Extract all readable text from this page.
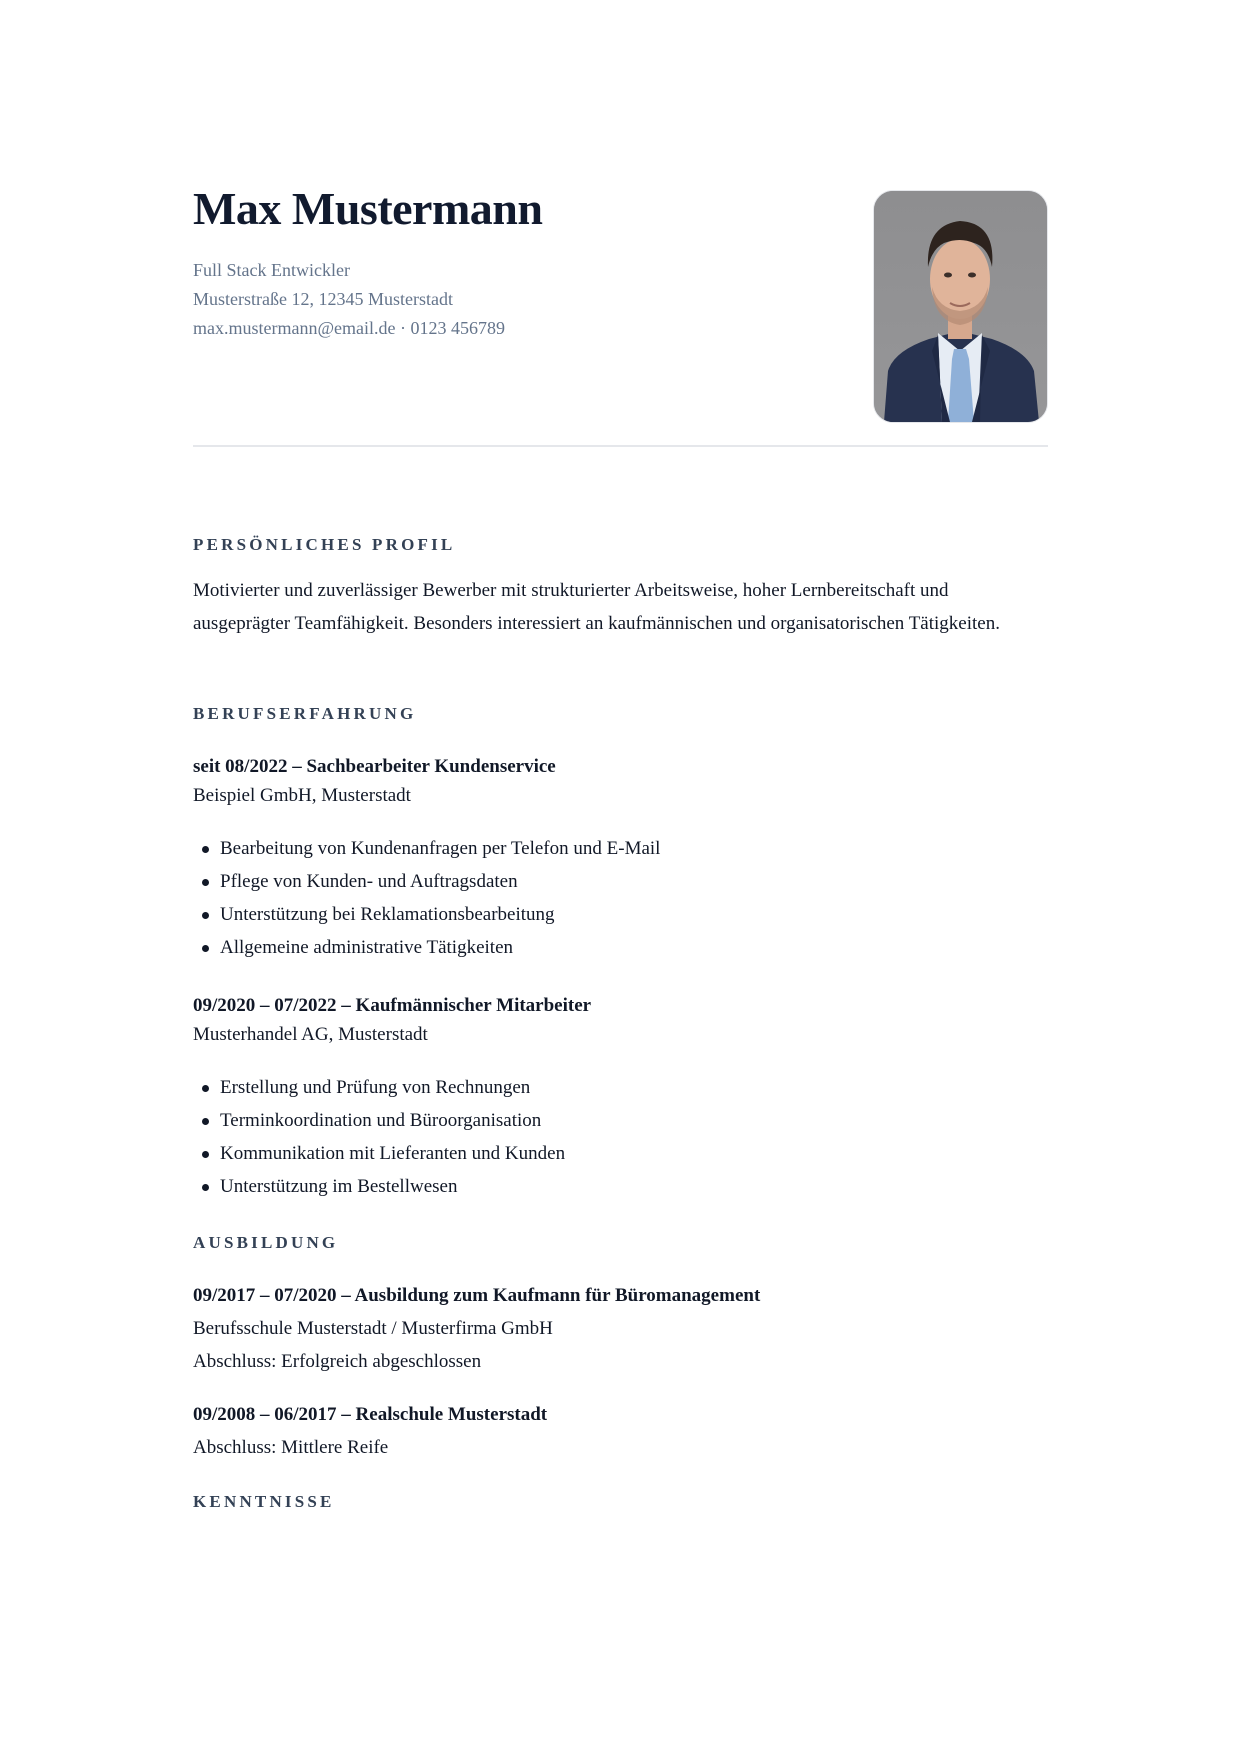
Max Mustermann
Full Stack Entwickler
Musterstraße 12, 12345 Musterstadt
max.mustermann@email.de · 0123 456789
PERSÖNLICHES PROFIL

Motivierter und zuverlässiger Bewerber mit strukturierter Arbeitsweise, hoher Lernbereitschaft und ausgeprägter Teamfähigkeit. Besonders interessiert an kaufmännischen und organisatorischen Tätigkeiten.

BERUFSERFAHRUNG
seit 08/2022 – Sachbearbeiter Kundenservice
Beispiel GmbH, Musterstadt
Bearbeitung von Kundenanfragen per Telefon und E-Mail
Pflege von Kunden- und Auftragsdaten
Unterstützung bei Reklamationsbearbeitung
Allgemeine administrative Tätigkeiten
09/2020 – 07/2022 – Kaufmännischer Mitarbeiter
Musterhandel AG, Musterstadt
Erstellung und Prüfung von Rechnungen
Terminkoordination und Büroorganisation
Kommunikation mit Lieferanten und Kunden
Unterstützung im Bestellwesen
AUSBILDUNG
09/2017 – 07/2020 – Ausbildung zum Kaufmann für Büromanagement
Berufsschule Musterstadt / Musterfirma GmbH
Abschluss: Erfolgreich abgeschlossen
09/2008 – 06/2017 – Realschule Musterstadt
Abschluss: Mittlere Reife
KENNTNISSE
